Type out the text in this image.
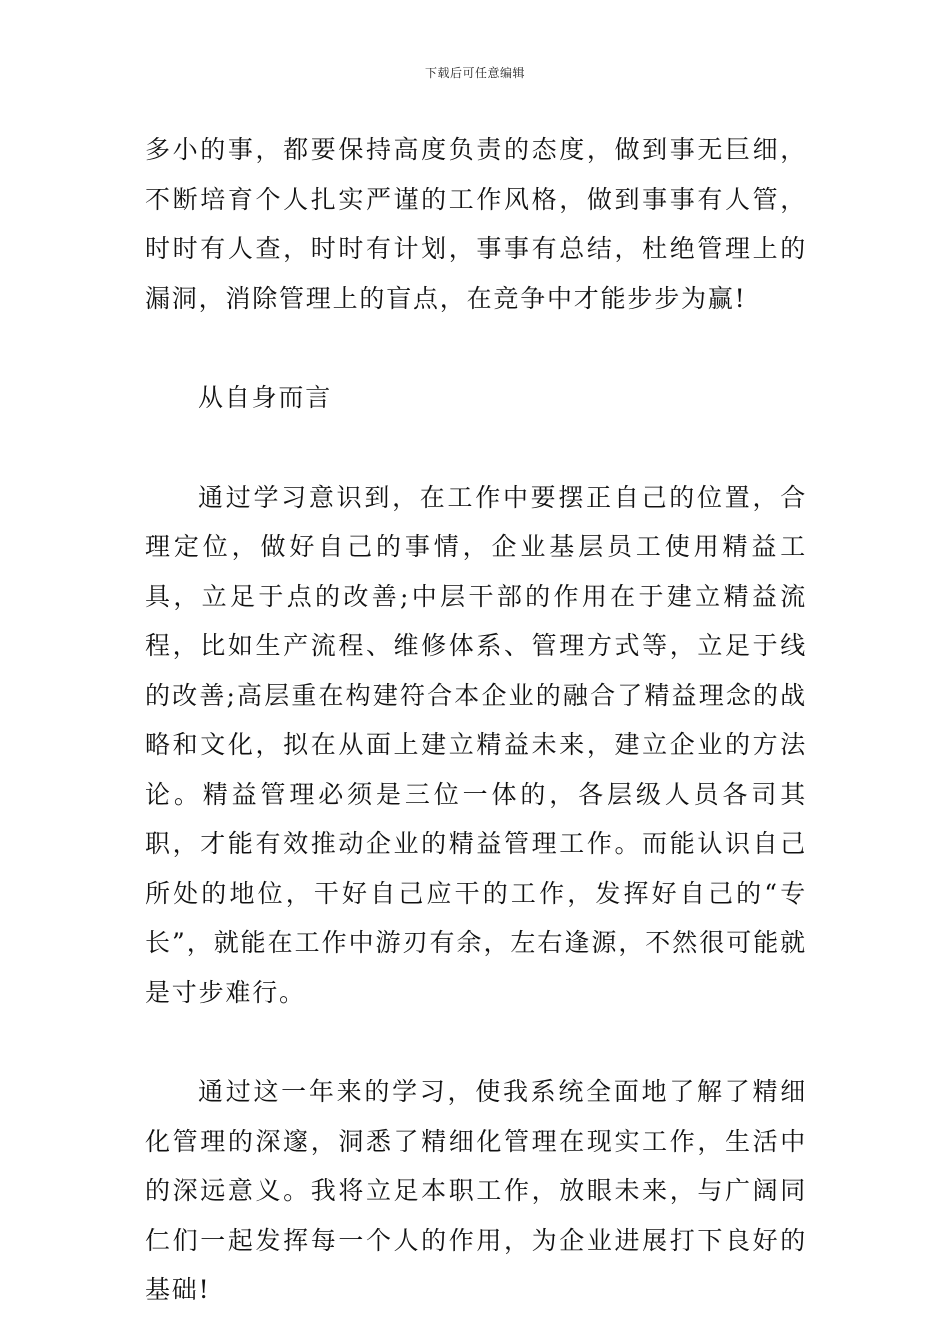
下载后可任意编辑

多小的事，都要保持高度负责的态度，做到事无巨细，不断培育个人扎实严谨的工作风格，做到事事有人管，时时有人查，时时有计划，事事有总结，杜绝管理上的漏洞，消除管理上的盲点，在竞争中才能步步为赢!

从自身而言

通过学习意识到，在工作中要摆正自己的位置，合理定位，做好自己的事情，企业基层员工使用精益工具，立足于点的改善;中层干部的作用在于建立精益流程，比如生产流程、维修体系、管理方式等，立足于线的改善;高层重在构建符合本企业的融合了精益理念的战略和文化，拟在从面上建立精益未来，建立企业的方法论。精益管理必须是三位一体的，各层级人员各司其职，才能有效推动企业的精益管理工作。而能认识自己所处的地位，干好自己应干的工作，发挥好自己的“专长”，就能在工作中游刃有余，左右逢源，不然很可能就是寸步难行。

通过这一年来的学习，使我系统全面地了解了精细化管理的深邃，洞悉了精细化管理在现实工作，生活中的深远意义。我将立足本职工作，放眼未来，与广阔同仁们一起发挥每一个人的作用，为企业进展打下良好的基础!
